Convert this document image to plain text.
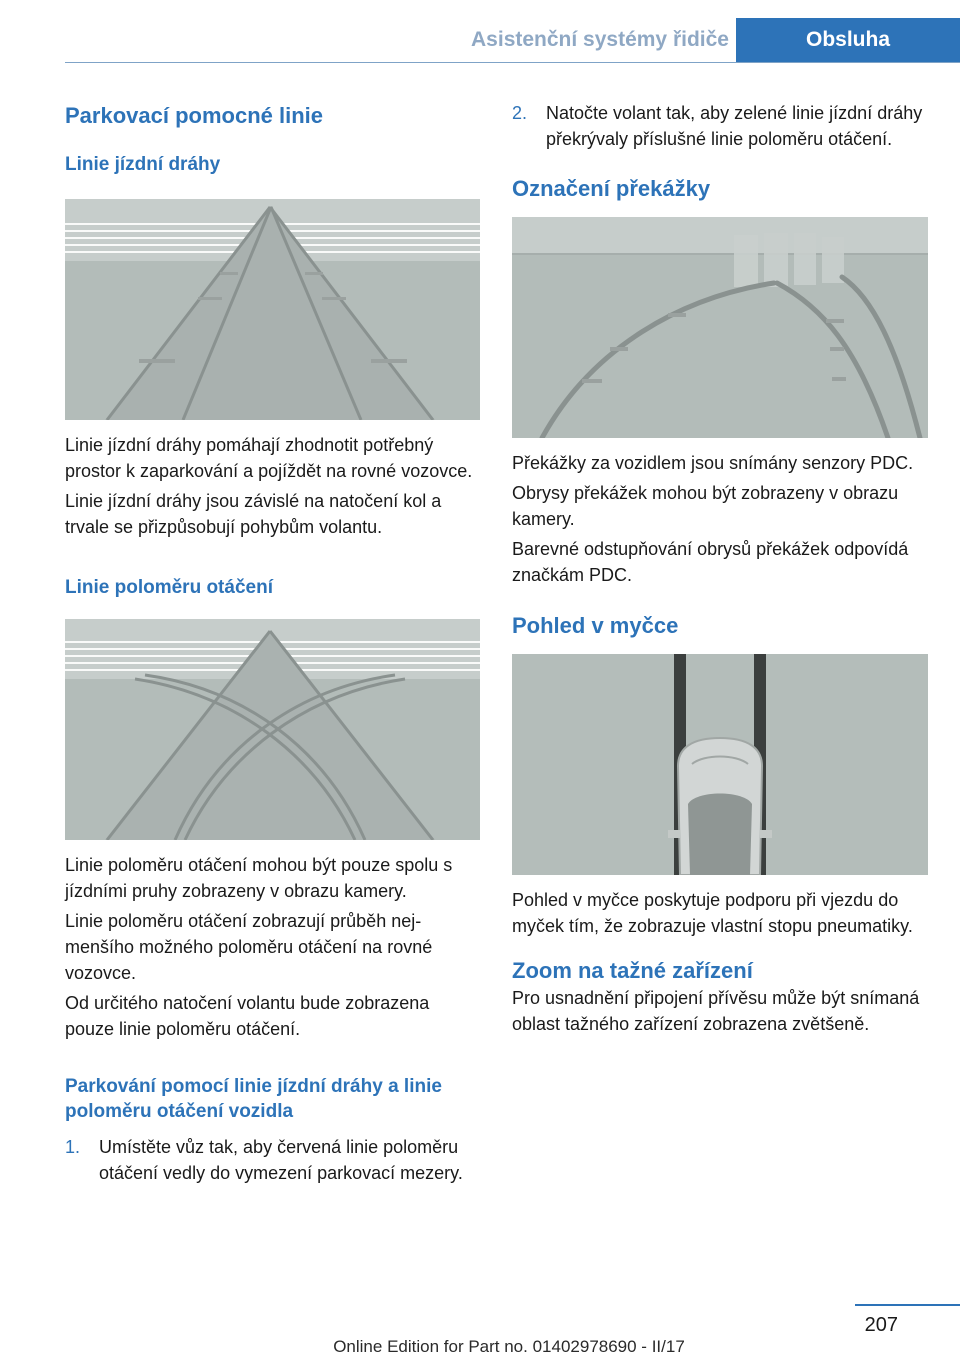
Asistenční systémy řidiče	Obsluha
Parkovací pomocné linie
Linie jízdní dráhy

Linie jízdní dráhy pomáhají zhodnotit potřebný prostor k zaparkování a pojíždět na rovné vozovce.

Linie jízdní dráhy jsou závislé na natočení kol a trvale se přizpůsobují pohybům volantu.

Linie poloměru otáčení

Linie poloměru otáčení mohou být pouze spolu s jízdními pruhy zobrazeny v obrazu kamery.

Linie poloměru otáčení zobrazují průběh nejmenšího možného poloměru otáčení na rovné vozovce.

Od určitého natočení volantu bude zobrazena pouze linie poloměru otáčení.

Parkování pomocí linie jízdní dráhy a linie poloměru otáčení vozidla
1.	Umístěte vůz tak, aby červená linie poloměru otáčení vedly do vymezení parkovací mezery.
2.	Natočte volant tak, aby zelené linie jízdní dráhy překrývaly příslušné linie poloměru otáčení.
Označení překážky

Překážky za vozidlem jsou snímány senzory PDC.

Obrysy překážek mohou být zobrazeny v obrazu kamery.

Barevné odstupňování obrysů překážek odpovídá značkám PDC.

Pohled v myčce

Pohled v myčce poskytuje podporu při vjezdu do myček tím, že zobrazuje vlastní stopu pneumatiky.

Zoom na tažné zařízení

Pro usnadnění připojení přívěsu může být snímaná oblast tažného zařízení zobrazena zvětšeně.

207
Online Edition for Part no. 01402978690 - II/17
